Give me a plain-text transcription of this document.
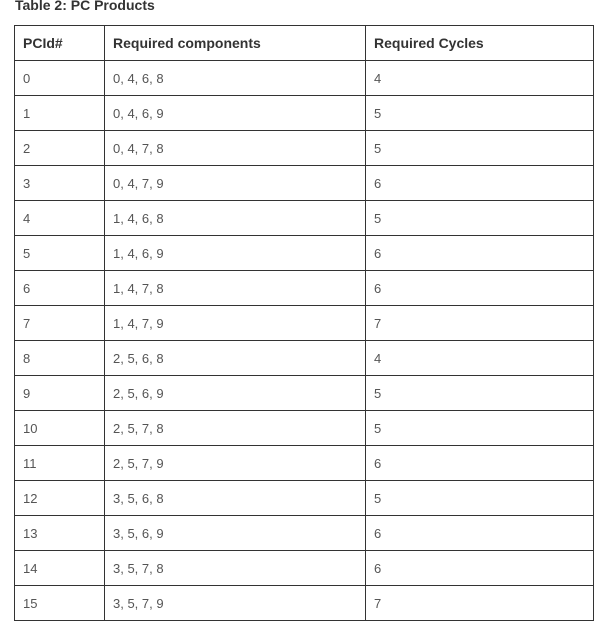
Table 2: PC Products
PCId#	Required components	Required Cycles
0	0, 4, 6, 8	4
1	0, 4, 6, 9	5
2	0, 4, 7, 8	5
3	0, 4, 7, 9	6
4	1, 4, 6, 8	5
5	1, 4, 6, 9	6
6	1, 4, 7, 8	6
7	1, 4, 7, 9	7
8	2, 5, 6, 8	4
9	2, 5, 6, 9	5
10	2, 5, 7, 8	5
11	2, 5, 7, 9	6
12	3, 5, 6, 8	5
13	3, 5, 6, 9	6
14	3, 5, 7, 8	6
15	3, 5, 7, 9	7
